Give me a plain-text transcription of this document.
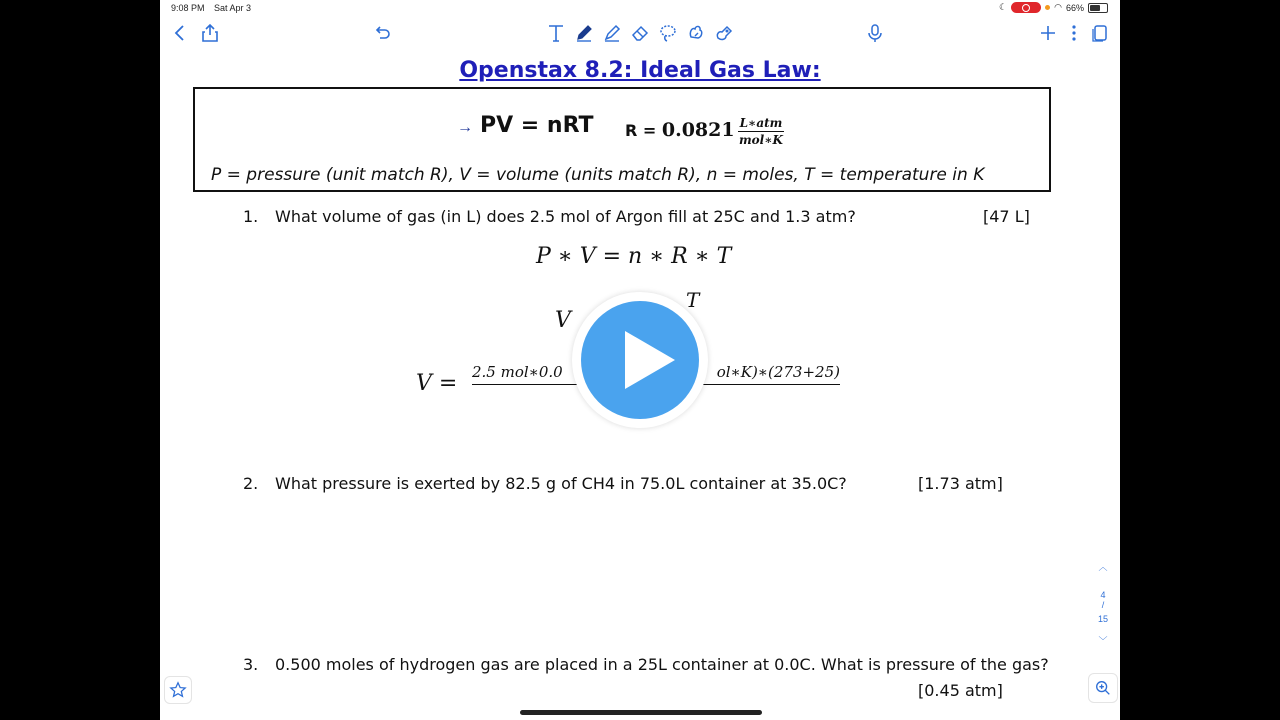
9:08 PM Sat Apr 3	☾	◠ 66%
Openstax 8.2: Ideal Gas Law:
→ PV = nRT $R = 0.0821 \frac{\text{L∗atm}}{\text{mol∗K}}$
P = pressure (unit match R), V = volume (units match R), n = moles, T = temperature in K
1. What volume of gas (in L) does 2.5 mol of Argon fill at 25C and 1.3 atm?	[47 L]
P ∗ V = n ∗ R ∗ T
V
T
V = 2.5 mol∗0.0	ol∗K)∗(273+25)
2. What pressure is exerted by 82.5 g of CH4 in 75.0L container at 35.0C?	[1.73 atm]
3. 0.500 moles of hydrogen gas are placed in a 25L container at 0.0C. What is pressure of the gas?
[0.45 atm]
︿
4
/
15
﹀
